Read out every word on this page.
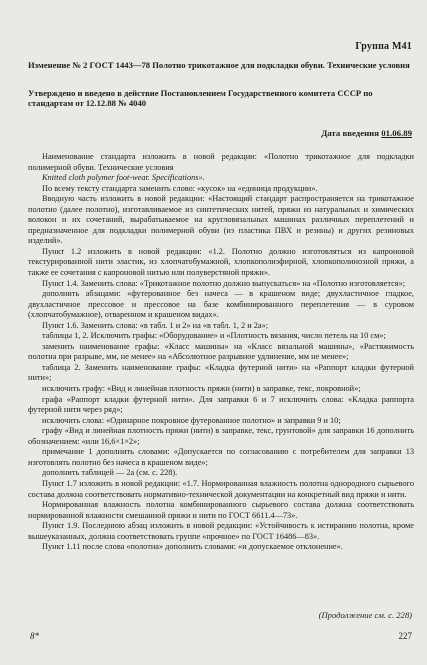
Группа М41
Изменение № 2 ГОСТ 1443—78 Полотно трикотажное для подкладки обуви. Технические условия
Утверждено и введено в действие Постановлением Государственного комитета СССР по стандартам от 12.12.88 № 4040
Дата введения 01.06.89

Наименование стандарта изложить в новой редакции: «Полотно трикотажное для подкладки полимерной обуви. Технические условия

Knitted cloth polymer foot-wear. Specifications».

По всему тексту стандарта заменить слово: «кусок» на «единица продукции».

Вводную часть изложить в новой редакции: «Настоящий стандарт распространяется на трикотажное полотно (далее полотно), изготавливаемое из синтетических нитей, пряжи из натуральных и химических волокон и их сочетаний, вырабатываемое на кругловязальных машинах различных переплетений и предназначенное для подкладки полимерной обуви (из пластика ПВХ и резины) и других резиновых изделий».

Пункт 1.2 изложить в новой редакции: «1.2. Полотно должно изготовляться из капроновой текстурированной нити эластик, из хлопчатобумажной, хлопкополиэфирной, хлопкополинозной пряжи, а также ее сочетания с капроновой нитью или полуверстяной пряжи».

Пункт 1.4. Заменить слова: «Трикотажное полотно должно выпускаться» на «Полотно изготовляется»;

дополнить абзацами: «футерованное без начеса — в крашеном виде; двухластичное гладкое, двухластичное прессовое и прессовое на базе комбинированного переплетения — в суровом (хлопчатобумажное), отваренном и крашеном видах».

Пункт 1.6. Заменить слова: «в табл. 1 и 2» на «в табл. 1, 2 и 2а»;

таблицы 1, 2. Исключить графы: «Оборудование» и «Плотность вязания, число петель на 10 см»;

заменить наименование графы: «Класс машины» на «Класс вязальной машины», «Растяжимость полотна при разрыве, мм, не менее» на «Абсолютное разрывное удлинение, мм не менее»;

таблица 2. Заменить наименование графы: «Кладка футерной нити» на «Раппорт кладки футерной нити»;

исключить графу: «Вид и линейная плотность пряжи (нити) в заправке, текс, покровной»;

графа «Раппорт кладки футерной нити». Для заправки 6 и 7 исключить слова: «Кладка раппорта футерной нити через ряд»;

исключить слова: «Одинарное покровное футерованное полотно» и заправки 9 и 10;

графу «Вид и линейная плотность пряжи (нити) в заправке, текс, грунтовой» для заправки 16 дополнить обозначением: «или 16,6×1×2»;

примечание 1 дополнить словами: «Допускается по согласованию с потребителем для заправки 13 изготовлять полотно без начеса в крашеном виде»;

дополнить таблицей — 2а (см. с. 228).

Пункт 1.7 изложить в новой редакции: «1.7. Нормированная влажность полотна однородного сырьевого состава должна соответствовать нормативно-технической документации на конкретный вид пряжи и нити.

Нормированная влажность полотна комбинированного сырьевого состава должна соответствовать нормированной влажности смешанной пряжи и нити по ГОСТ 6611.4—73».

Пункт 1.9. Последнюю абзац изложить в новой редакции: «Устойчивость к истиранию полотна, кроме вышеуказанных, должна соответствовать группе «прочное» по ГОСТ 16486—83».

Пункт 1.11 после слова «полотна» дополнить словами: «и допускаемое отклонение».

(Продолжение см. с. 228)
8*	227
